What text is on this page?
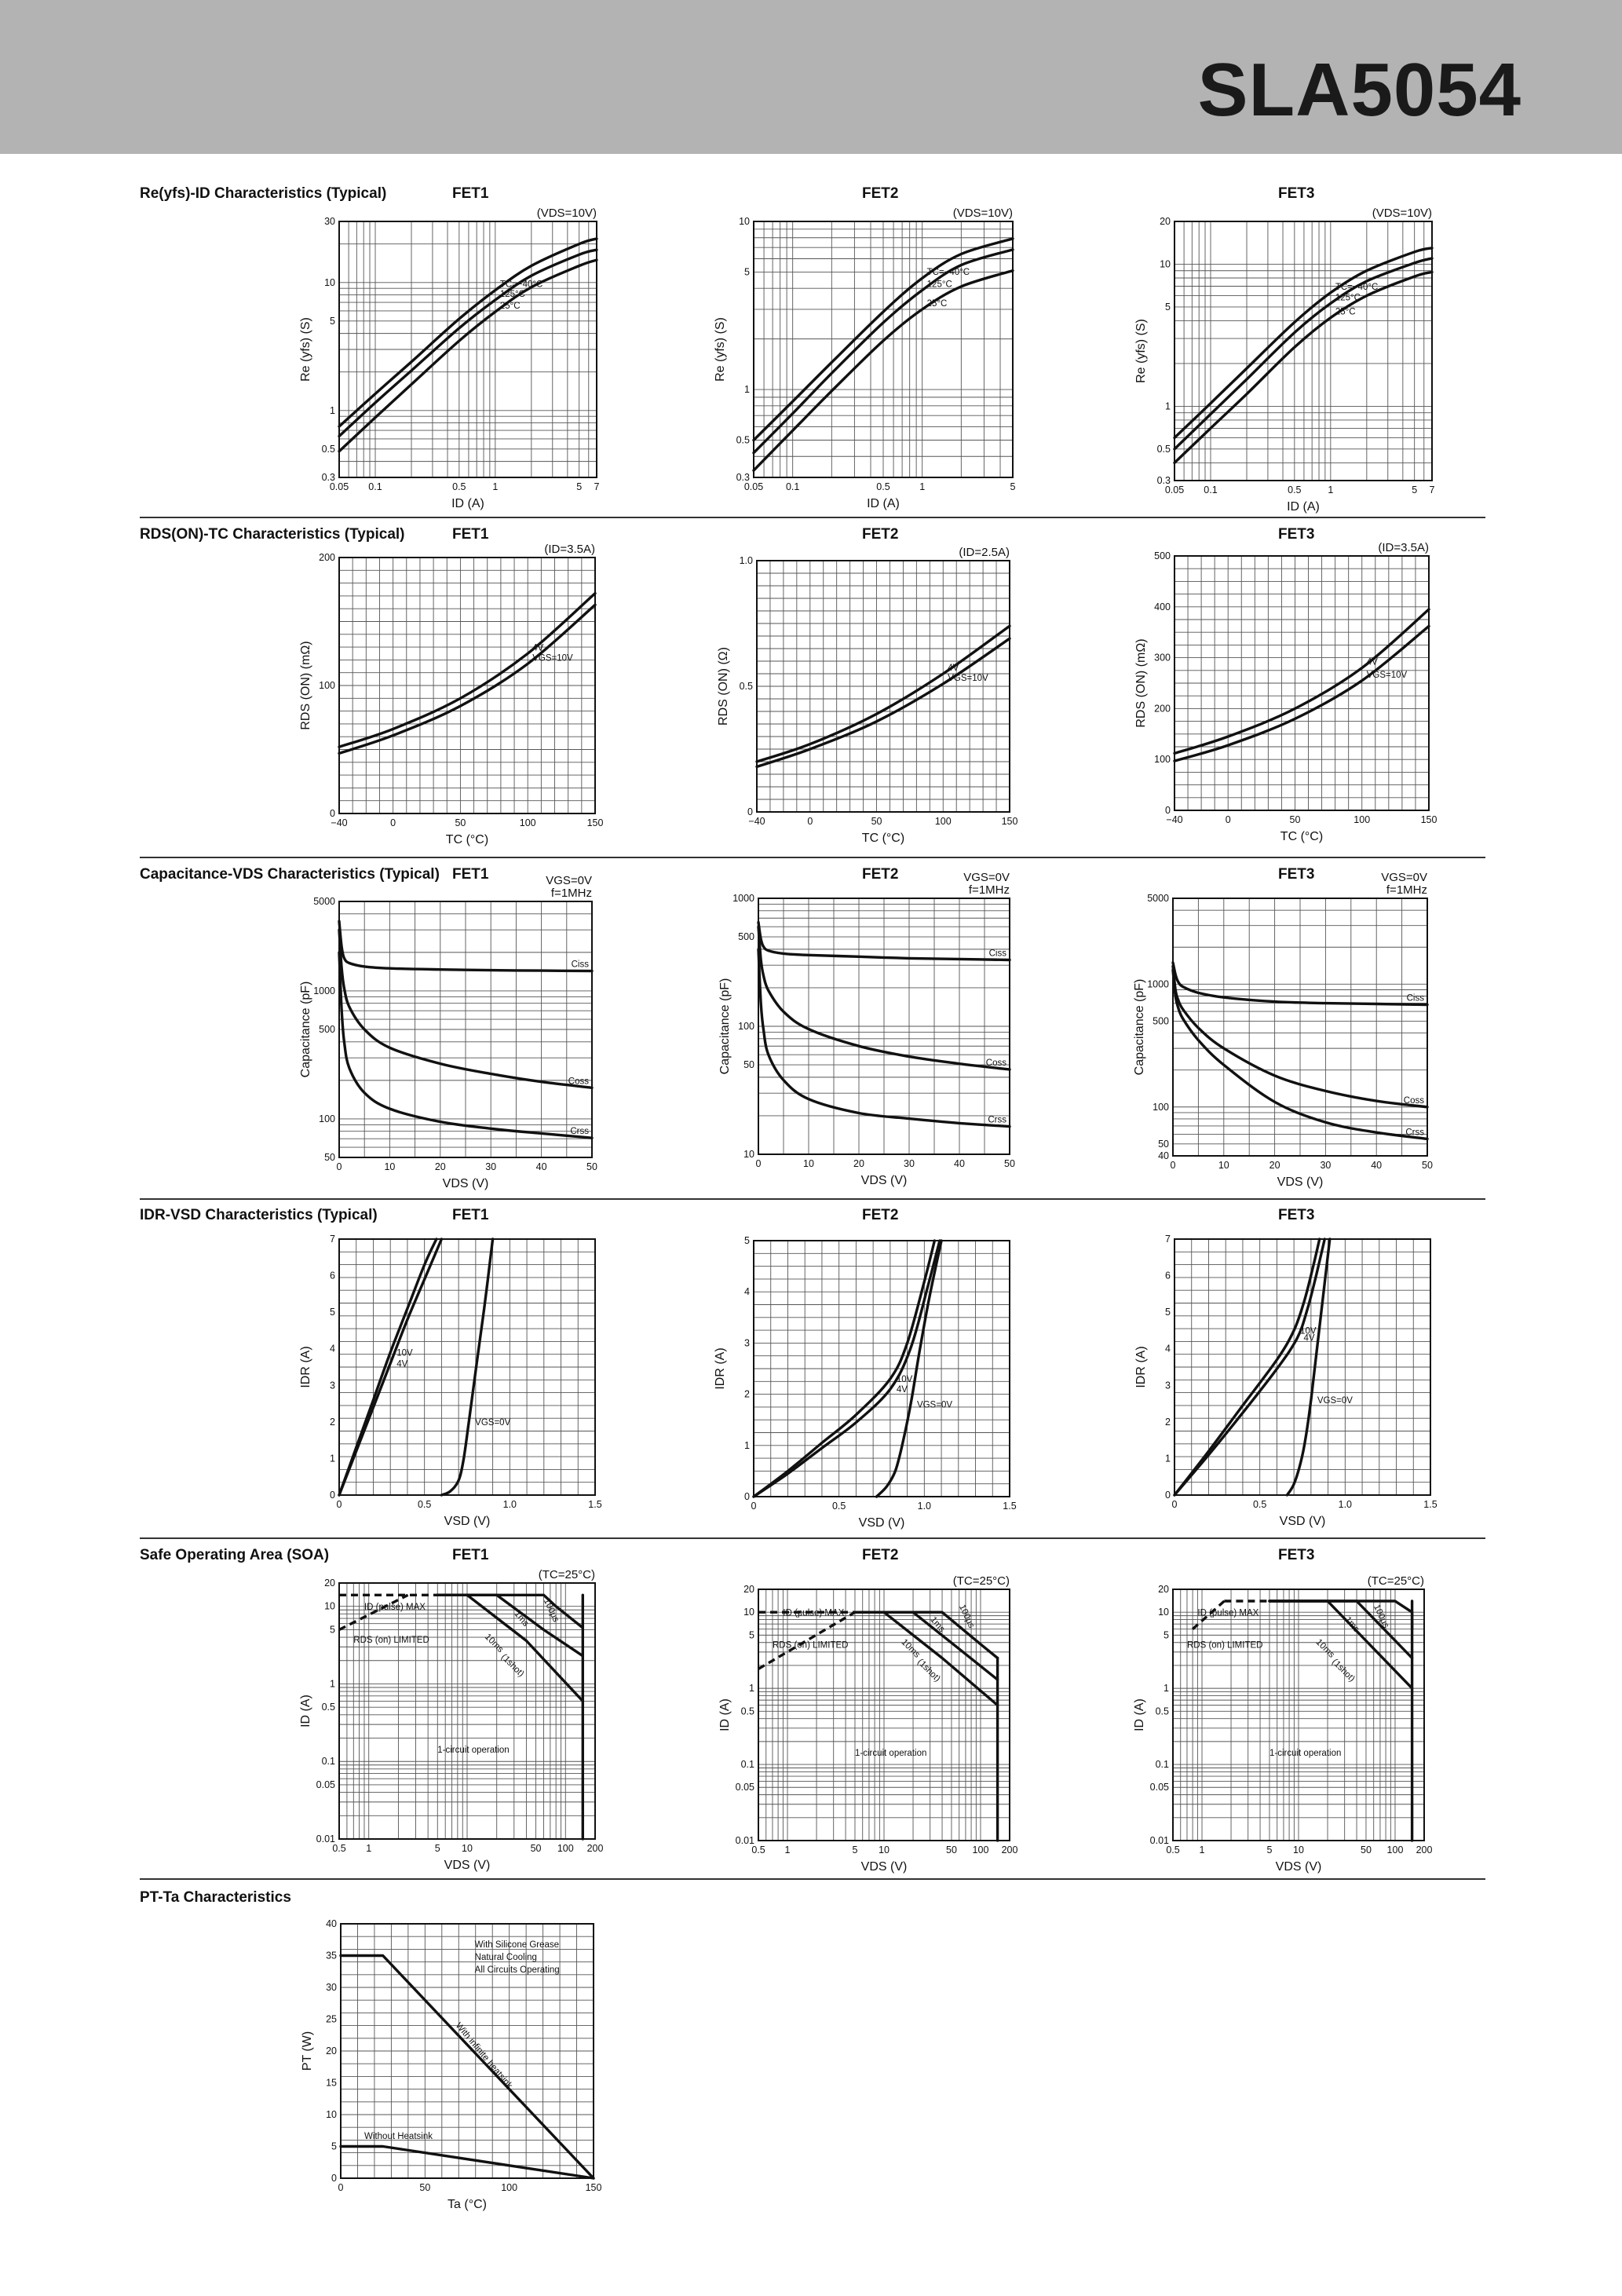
SLA5054
Re(yfs)-ID Characteristics (Typical)
RDS(ON)-TC Characteristics (Typical)
Capacitance-VDS Characteristics (Typical)
IDR-VSD Characteristics (Typical)
Safe Operating Area (SOA)
PT-Ta Characteristics
FET1	FET2	FET3
FET1	FET2	FET3
FET1	FET2	FET3
FET1	FET2	FET3
FET1	FET2	FET3
0.05 0.1	0.5	1	5 7
0.3
0.5
1
5
10
30
ID (A)
Re (yfs) (S)
(VDS=10V)
TC=−40°C
125°C
25°C
0.05 0.1	0.5	1	5
0.3
0.5
1
5
10
ID (A)
Re (yfs) (S)
(VDS=10V)
TC=−40°C
125°C
25°C
0.05 0.1	0.5	1	5 7
0.3
0.5
1
5
10
20
ID (A)
Re (yfs) (S)
(VDS=10V)
TC=−40°C
125°C
25°C
−40	0	50	100	150
0
100
200
TC (°C)
RDS (ON) (mΩ)
(ID=3.5A)
4V
VGS=10V
−40	0	50	100	150
0
0.5
1.0
TC (°C)
RDS (ON) (Ω)
(ID=2.5A)
4V
VGS=10V
−40	0	50	100	150
0
100
200
300
400
500
TC (°C)
RDS (ON) (mΩ)
(ID=3.5A)
4V
VGS=10V
0	10	20	30	40	50
50
100
500
1000
5000
VDS (V)
Capacitance (pF)
VGS=0V
f=1MHz
Ciss
Coss
Crss
0	10	20	30	40	50
10
50
100
500
1000
VDS (V)
Capacitance (pF)
VGS=0V
f=1MHz
Ciss
Coss
Crss
0	10	20	30	40	50
40
50
100
500
1000
5000
VDS (V)
Capacitance (pF)
VGS=0V
f=1MHz
Ciss
Coss
Crss
0	0.5	1.0	1.5
0
1
2
3
4
5
6
7
VSD (V)
IDR (A)	10V
4V
VGS=0V
0	0.5	1.0	1.5
0
1
2
3
4
5
VSD (V)
IDR (A)	10V
4V
VGS=0V
0	0.5	1.0	1.5
0
1
2
3
4
5
6
7
VSD (V)
IDR (A)
10V
4V
VGS=0V
0.5 1	5 10	50 100 200
0.01
0.05
0.1
0.5
1
5
10
20
VDS (V)
ID (A)
(TC=25°C)
ID (pulse) MAX
RDS (on) LIMITED
1-circuit operation
100μs
1ms
10ms
(1shot)
0.5 1	5 10	50 100 200
0.01
0.05
0.1
0.5
1
5
10
20
VDS (V)
ID (A)
(TC=25°C)
ID (pulse) MAX
RDS (on) LIMITED
1-circuit operation
100μs
1ms
10ms
(1shot)
0.5 1	5 10	50 100 200
0.01
0.05
0.1
0.5
1
5
10
20
VDS (V)
ID (A)
(TC=25°C)
ID (pulse) MAX
RDS (on) LIMITED
1-circuit operation
100μs
1ms
10ms
(1shot)
0	50	100	150
0
5
10
15
20
25
30
35
40
Ta (°C)
PT (W)
With Silicone Grease
Natural Cooling
All Circuits Operating
Without Heatsink
With infinite heatsink
